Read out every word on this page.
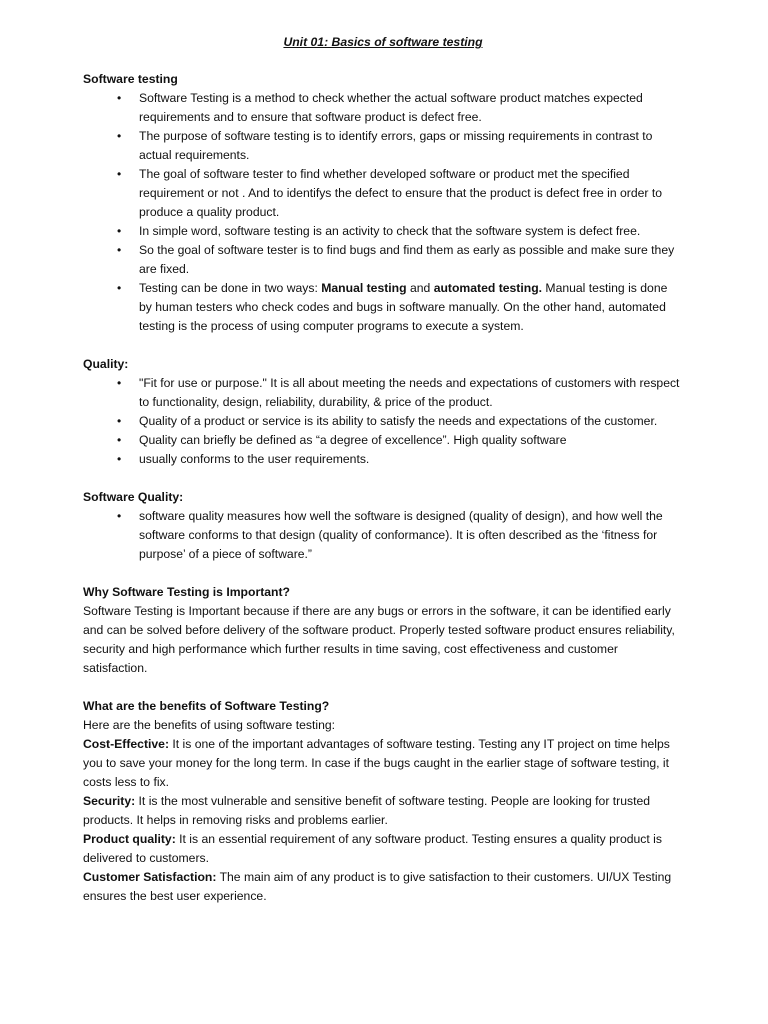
Unit 01: Basics of software testing
Software testing
• Software Testing is a method to check whether the actual software product matches expected requirements and to ensure that software product is defect free.
• The purpose of software testing is to identify errors, gaps or missing requirements in contrast to actual requirements.
• The goal of software tester to find whether developed software or product met the specified requirement or not . And to identifys the defect to ensure that the product is defect free in order to produce a quality product.
• In simple word, software testing is an activity to check that the software system is defect free.
• So the goal of software tester is to find bugs and find them as early as possible and make sure they are fixed.
• Testing can be done in two ways: Manual testing and automated testing. Manual testing is done by human testers who check codes and bugs in software manually. On the other hand, automated testing is the process of using computer programs to execute a system.
Quality:
• "Fit for use or purpose." It is all about meeting the needs and expectations of customers with respect to functionality, design, reliability, durability, & price of the product.
• Quality of a product or service is its ability to satisfy the needs and expectations of the customer.
• Quality can briefly be defined as “a degree of excellence”. High quality software
• usually conforms to the user requirements.
Software Quality:
• software quality measures how well the software is designed (quality of design), and how well the software conforms to that design (quality of conformance). It is often described as the ‘fitness for purpose’ of a piece of software.”
Why Software Testing is Important?

Software Testing is Important because if there are any bugs or errors in the software, it can be identified early and can be solved before delivery of the software product. Properly tested software product ensures reliability, security and high performance which further results in time saving, cost effectiveness and customer satisfaction.

What are the benefits of Software Testing?

Here are the benefits of using software testing:

Cost-Effective: It is one of the important advantages of software testing. Testing any IT project on time helps you to save your money for the long term. In case if the bugs caught in the earlier stage of software testing, it costs less to fix.

Security: It is the most vulnerable and sensitive benefit of software testing. People are looking for trusted products. It helps in removing risks and problems earlier.

Product quality: It is an essential requirement of any software product. Testing ensures a quality product is delivered to customers.

Customer Satisfaction: The main aim of any product is to give satisfaction to their customers. UI/UX Testing ensures the best user experience.
